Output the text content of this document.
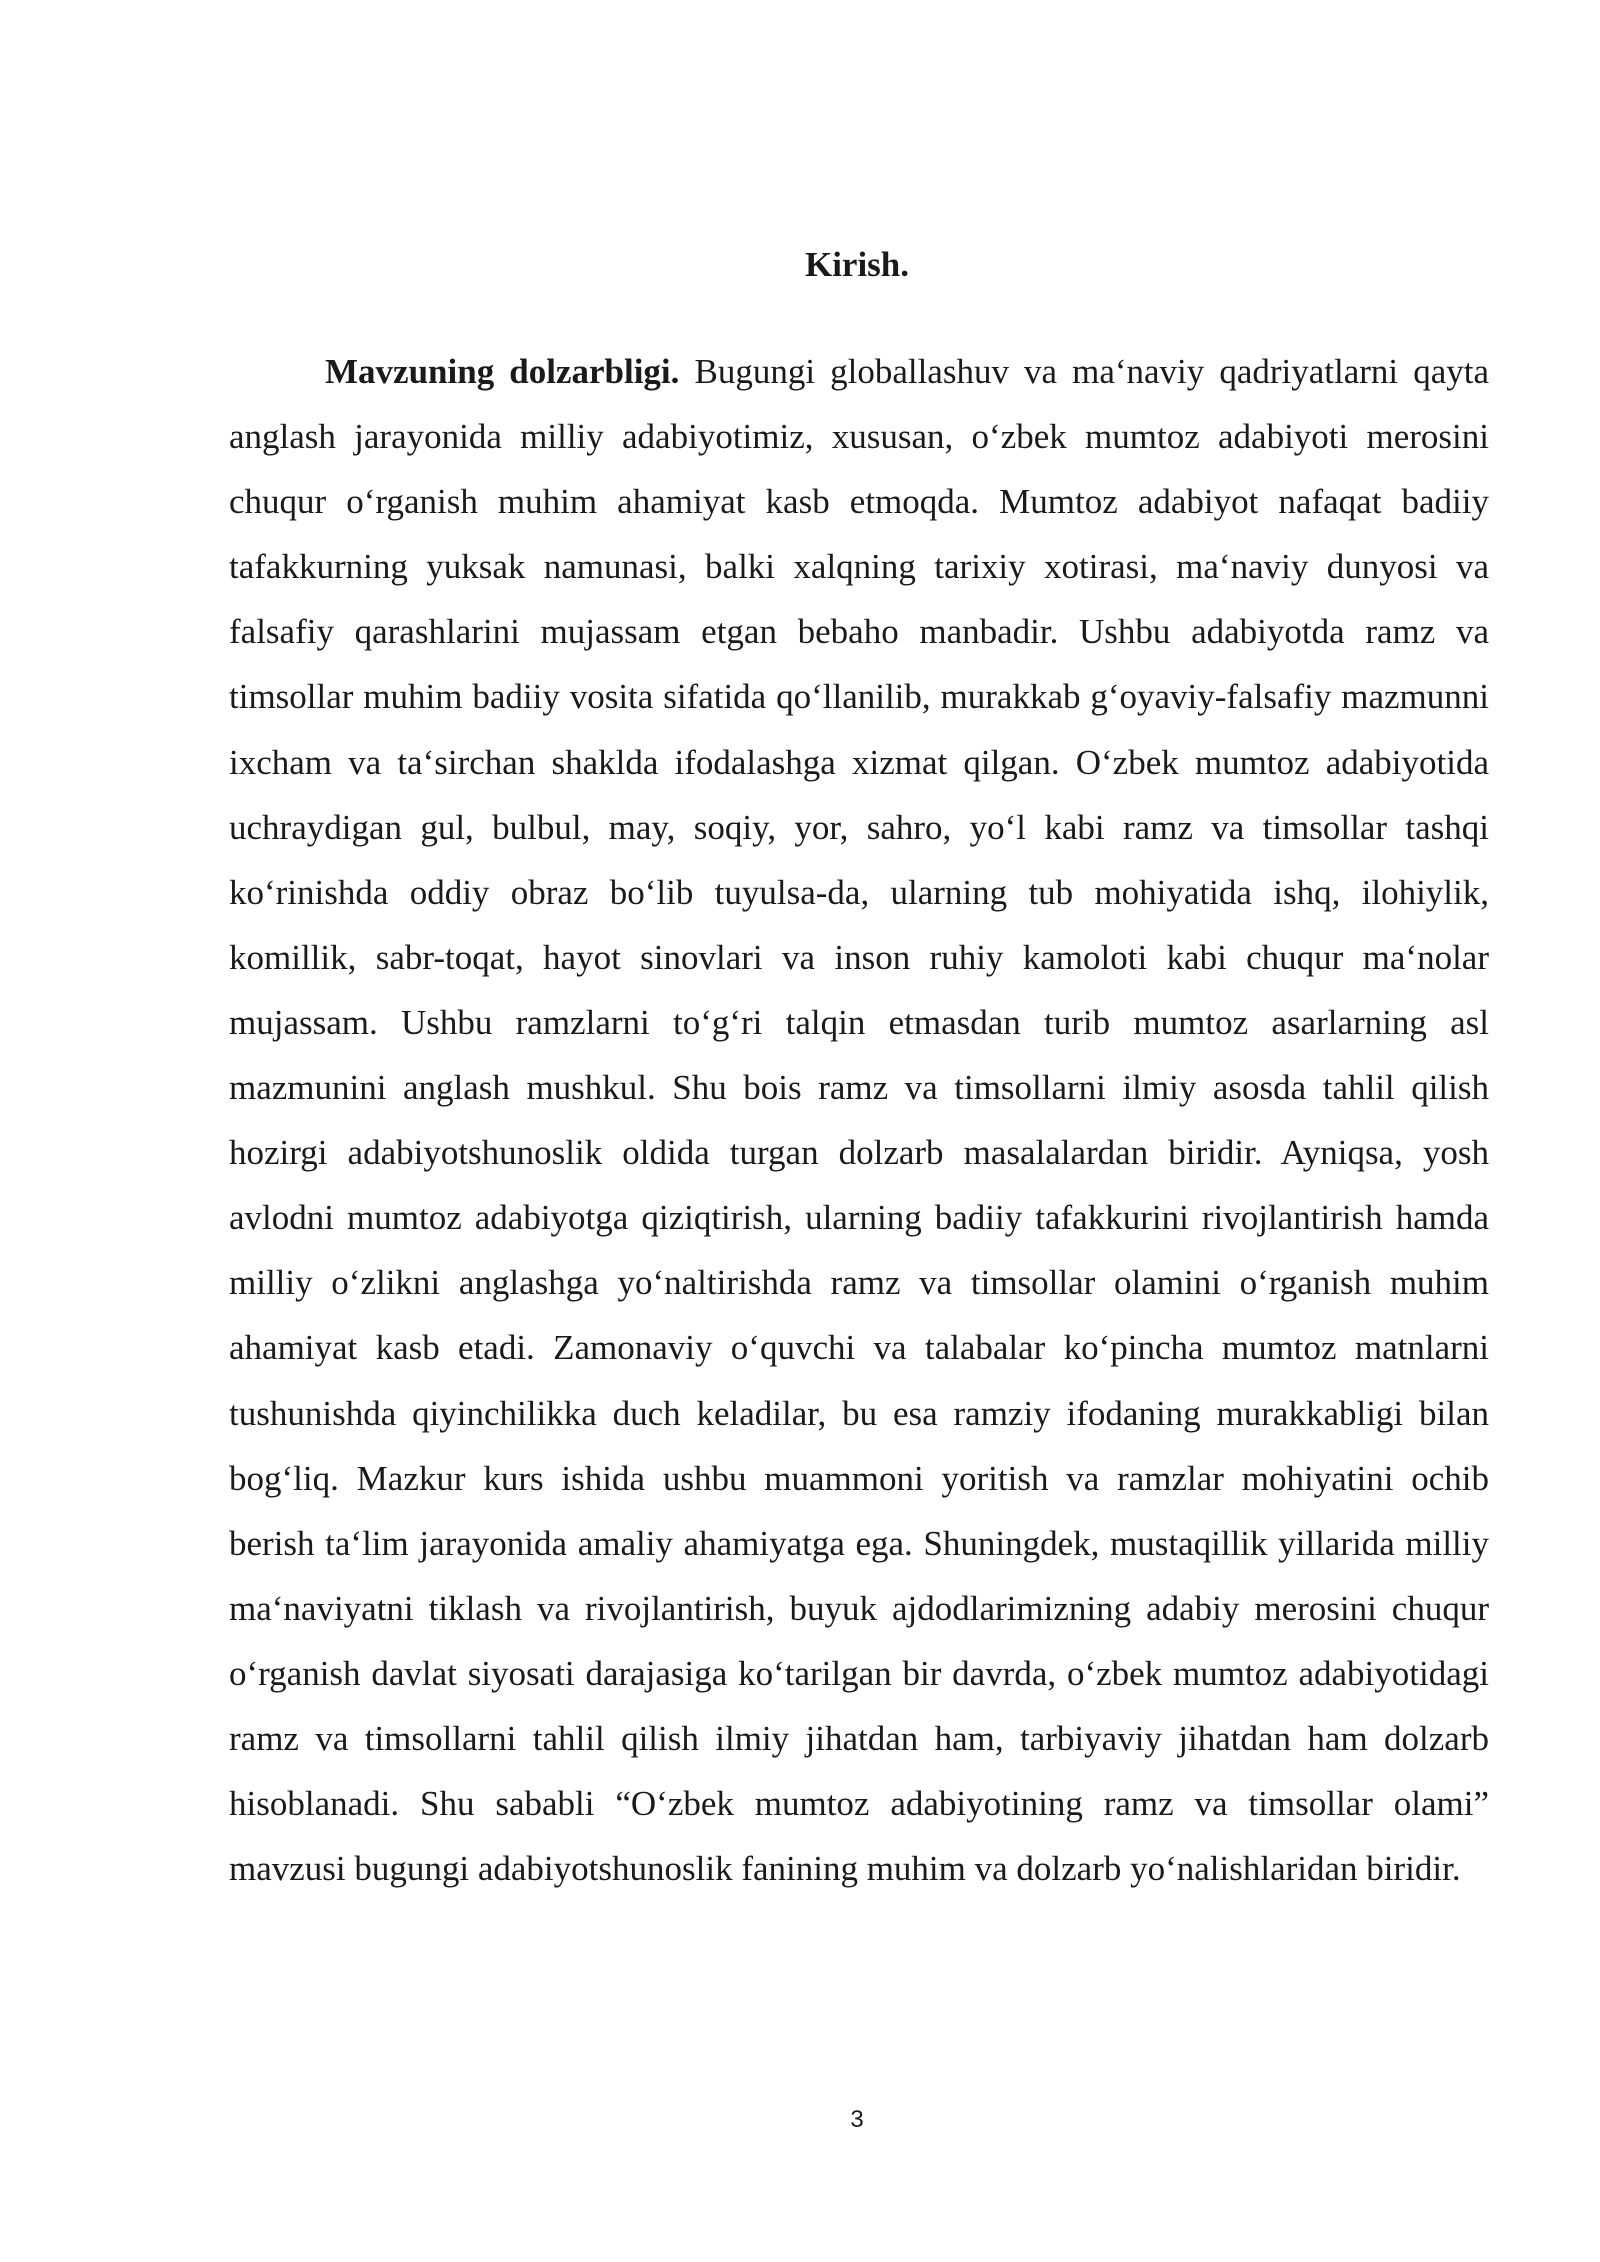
Kirish.

Mavzuning dolzarbligi. Bugungi globallashuv va ma‘naviy qadriyatlarni qayta anglash jarayonida milliy adabiyotimiz, xususan, o‘zbek mumtoz adabiyoti merosini chuqur o‘rganish muhim ahamiyat kasb etmoqda. Mumtoz adabiyot nafaqat badiiy tafakkurning yuksak namunasi, balki xalqning tarixiy xotirasi, ma‘naviy dunyosi va falsafiy qarashlarini mujassam etgan bebaho manbadir. Ushbu adabiyotda ramz va timsollar muhim badiiy vosita sifatida qo‘llanilib, murakkab g‘oyaviy-falsafiy mazmunni ixcham va ta‘sirchan shaklda ifodalashga xizmat qilgan. O‘zbek mumtoz adabiyotida uchraydigan gul, bulbul, may, soqiy, yor, sahro, yo‘l kabi ramz va timsollar tashqi ko‘rinishda oddiy obraz bo‘lib tuyulsa-da, ularning tub mohiyatida ishq, ilohiylik, komillik, sabr-toqat, hayot sinovlari va inson ruhiy kamoloti kabi chuqur ma‘nolar mujassam. Ushbu ramzlarni to‘g‘ri talqin etmasdan turib mumtoz asarlarning asl mazmunini anglash mushkul. Shu bois ramz va timsollarni ilmiy asosda tahlil qilish hozirgi adabiyotshunoslik oldida turgan dolzarb masalalardan biridir. Ayniqsa, yosh avlodni mumtoz adabiyotga qiziqtirish, ularning badiiy tafakkurini rivojlantirish hamda milliy o‘zlikni anglashga yo‘naltirishda ramz va timsollar olamini o‘rganish muhim ahamiyat kasb etadi. Zamonaviy o‘quvchi va talabalar ko‘pincha mumtoz matnlarni tushunishda qiyinchilikka duch keladilar, bu esa ramziy ifodaning murakkabligi bilan bog‘liq. Mazkur kurs ishida ushbu muammoni yoritish va ramzlar mohiyatini ochib berish ta‘lim jarayonida amaliy ahamiyatga ega. Shuningdek, mustaqillik yillarida milliy ma‘naviyatni tiklash va rivojlantirish, buyuk ajdodlarimizning adabiy merosini chuqur o‘rganish davlat siyosati darajasiga ko‘tarilgan bir davrda, o‘zbek mumtoz adabiyotidagi ramz va timsollarni tahlil qilish ilmiy jihatdan ham, tarbiyaviy jihatdan ham dolzarb hisoblanadi. Shu sababli “O‘zbek mumtoz adabiyotining ramz va timsollar olami” mavzusi bugungi adabiyotshunoslik fanining muhim va dolzarb yo‘nalishlaridan biridir.

3
